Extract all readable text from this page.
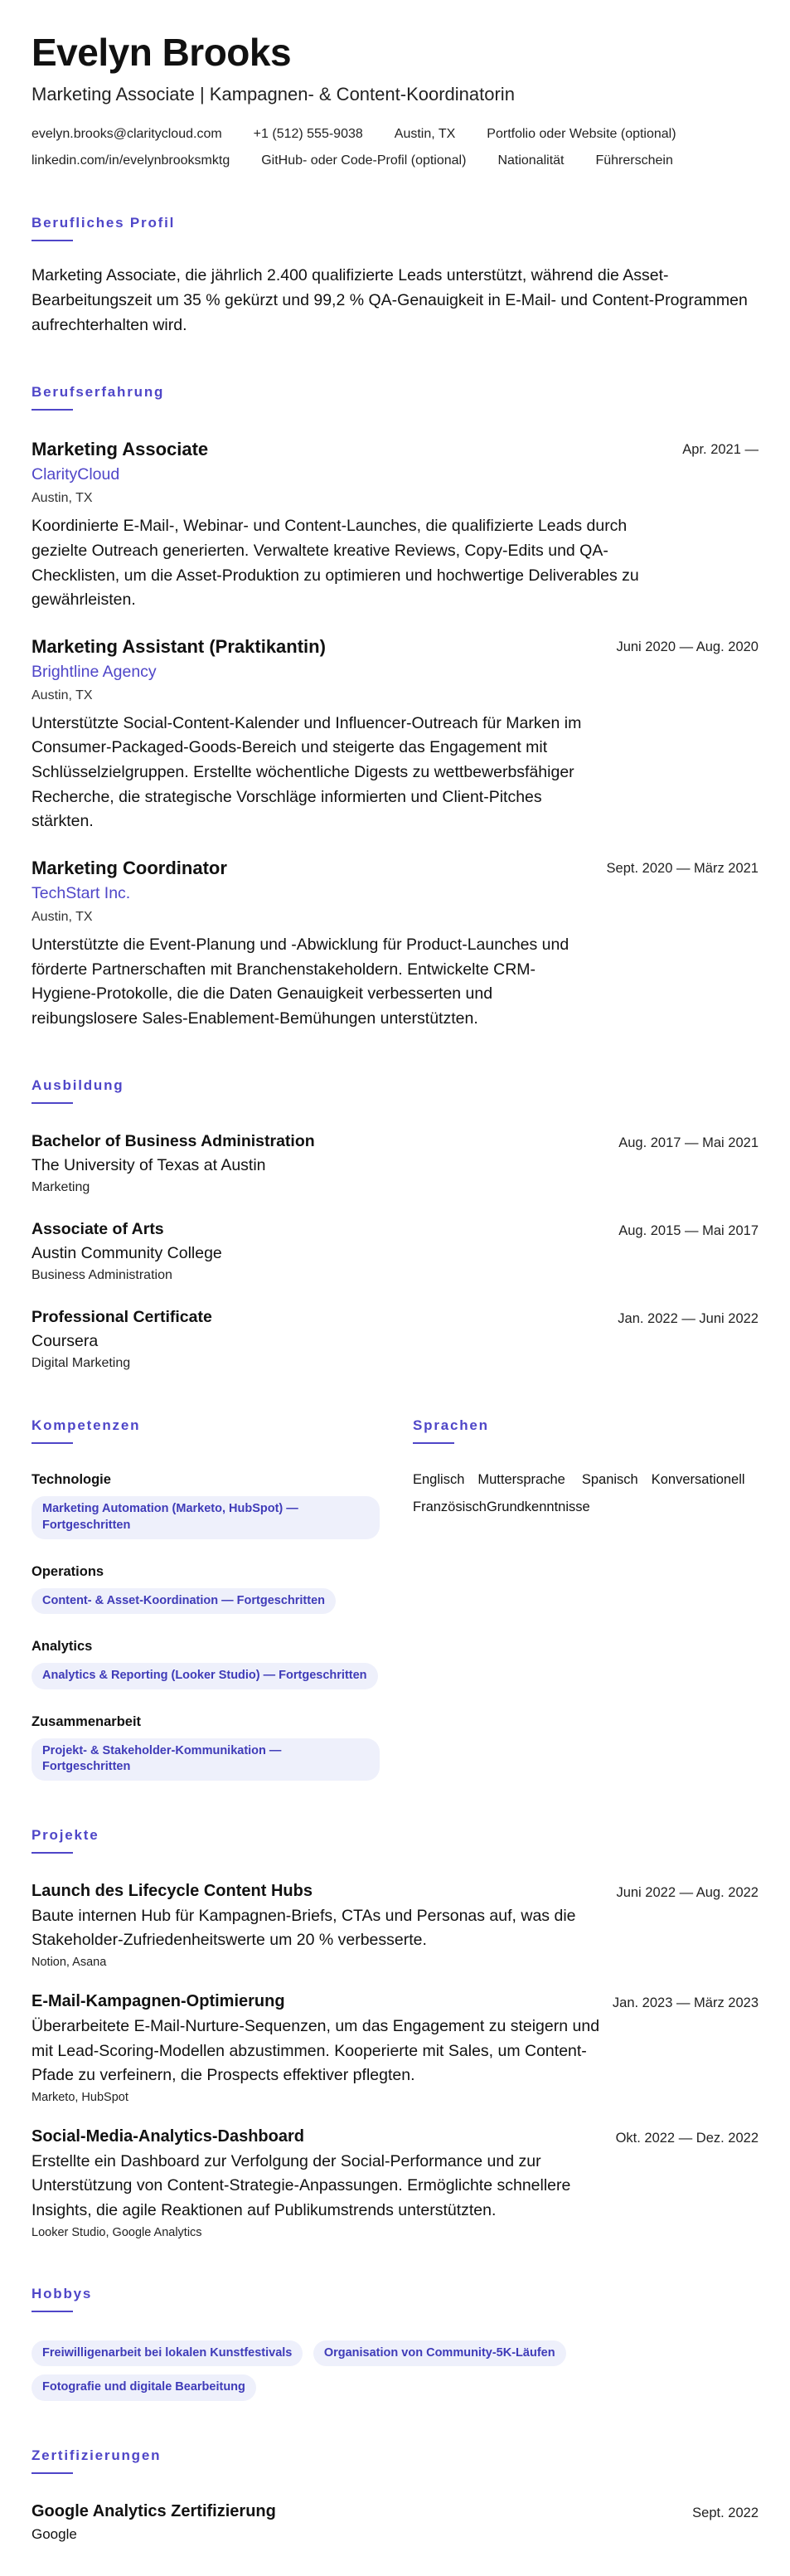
Evelyn Brooks
Marketing Associate | Kampagnen- & Content-Koordinatorin
evelyn.brooks@claritycloud.com +1 (512) 555-9038 Austin, TX Portfolio oder Website (optional)
linkedin.com/in/evelynbrooksmktg GitHub- oder Code-Profil (optional) Nationalität Führerschein
Berufliches Profil

Marketing Associate, die jährlich 2.400 qualifizierte Leads unterstützt, während die Asset-Bearbeitungszeit um 35 % gekürzt und 99,2 % QA-Genauigkeit in E-Mail- und Content-Programmen aufrechterhalten wird.

Berufserfahrung
Marketing Associate	Apr. 2021 —
ClarityCloud
Austin, TX
Koordinierte E-Mail-, Webinar- und Content-Launches, die qualifizierte Leads durch gezielte Outreach generierten. Verwaltete kreative Reviews, Copy-Edits und QA-Checklisten, um die Asset-Produktion zu optimieren und hochwertige Deliverables zu gewährleisten.
Marketing Assistant (Praktikantin)	Juni 2020 — Aug. 2020
Brightline Agency
Austin, TX
Unterstützte Social-Content-Kalender und Influencer-Outreach für Marken im Consumer-Packaged-Goods-Bereich und steigerte das Engagement mit Schlüsselzielgruppen. Erstellte wöchentliche Digests zu wettbewerbsfähiger Recherche, die strategische Vorschläge informierten und Client-Pitches stärkten.
Marketing Coordinator	Sept. 2020 — März 2021
TechStart Inc.
Austin, TX
Unterstützte die Event-Planung und -Abwicklung für Product-Launches und förderte Partnerschaften mit Branchenstakeholdern. Entwickelte CRM-Hygiene-Protokolle, die die Daten Genauigkeit verbesserten und reibungslosere Sales-Enablement-Bemühungen unterstützten.
Ausbildung
Bachelor of Business Administration	Aug. 2017 — Mai 2021
The University of Texas at Austin
Marketing
Associate of Arts	Aug. 2015 — Mai 2017
Austin Community College
Business Administration
Professional Certificate	Jan. 2022 — Juni 2022
Coursera
Digital Marketing
Kompetenzen
Technologie
Marketing Automation (Marketo, HubSpot) — Fortgeschritten
Operations
Content- & Asset-Koordination — Fortgeschritten
Analytics
Analytics & Reporting (Looker Studio) — Fortgeschritten
Zusammenarbeit
Projekt- & Stakeholder-Kommunikation — Fortgeschritten
Sprachen
Englisch Muttersprache Spanisch Konversationell
FranzösischGrundkenntnisse
Projekte
Launch des Lifecycle Content Hubs	Juni 2022 — Aug. 2022
Baute internen Hub für Kampagnen-Briefs, CTAs und Personas auf, was die Stakeholder-Zufriedenheitswerte um 20 % verbesserte.
Notion, Asana
E-Mail-Kampagnen-Optimierung	Jan. 2023 — März 2023
Überarbeitete E-Mail-Nurture-Sequenzen, um das Engagement zu steigern und mit Lead-Scoring-Modellen abzustimmen. Kooperierte mit Sales, um Content-Pfade zu verfeinern, die Prospects effektiver pflegten.
Marketo, HubSpot
Social-Media-Analytics-Dashboard	Okt. 2022 — Dez. 2022
Erstellte ein Dashboard zur Verfolgung der Social-Performance und zur Unterstützung von Content-Strategie-Anpassungen. Ermöglichte schnellere Insights, die agile Reaktionen auf Publikumstrends unterstützten.
Looker Studio, Google Analytics
Hobbys
Freiwilligenarbeit bei lokalen Kunstfestivals	Organisation von Community-5K-Läufen Fotografie und digitale Bearbeitung
Zertifizierungen
Google Analytics Zertifizierung	Sept. 2022
Google
